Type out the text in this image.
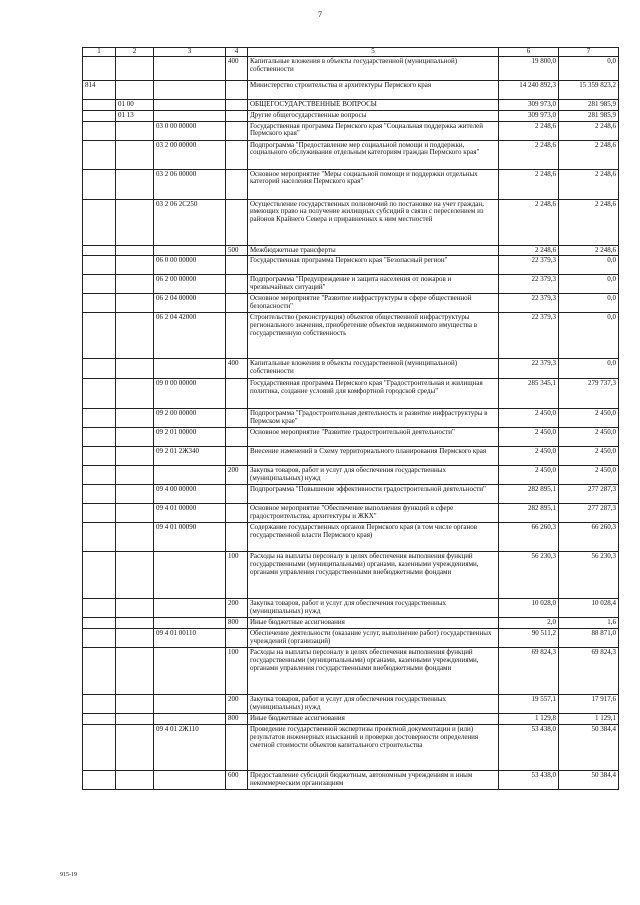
7
1	2	3	4	5	6	7
			400	Капитальные вложения в объекты государственной (муниципальной) собственности	19 800,0	0,0
814				Министерство строительства и архитектуры Пермского края	14 240 892,3	15 359 823,2
	01 00			ОБЩЕГОСУДАРСТВЕННЫЕ ВОПРОСЫ	309 973,0	281 985,9
	01 13			Другие общегосударственные вопросы	309 973,0	281 985,9
		03 0 00 00000		Государственная программа Пермского края "Социальная поддержка жителей Пермского края"	2 248,6	2 248,6
		03 2 00 00000		Подпрограмма "Предоставление мер социальной помощи и поддержки, социального обслуживания отдельным категориям граждан Пермского края"	2 248,6	2 248,6
		03 2 06 00000		Основное мероприятие "Меры социальной помощи и поддержки отдельных категорий населения Пермского края"	2 248,6	2 248,6
		03 2 06 2С250		Осуществление государственных полномочий по постановке на учет граждан, имеющих право на получение жилищных субсидий в связи с переселением из районов Крайнего Севера и приравненных к ним местностей	2 248,6	2 248,6
			500	Межбюджетные трансферты	2 248,6	2 248,6
		06 0 00 00000		Государственная программа Пермского края "Безопасный регион"	22 379,3	0,0
		06 2 00 00000		Подпрограмма "Предупреждение и защита населения от пожаров и чрезвычайных ситуаций"	22 379,3	0,0
		06 2 04 00000		Основное мероприятие "Развитие инфраструктуры в сфере общественной безопасности"	22 379,3	0,0
		06 2 04 42000		Строительство (реконструкция) объектов общественной инфраструктуры регионального значения, приобретение объектов недвижимого имущества в государственную собственность	22 379,3	0,0
			400	Капитальные вложения в объекты государственной (муниципальной) собственности	22 379,3	0,0
		09 0 00 00000		Государственная программа Пермского края "Градостроительная и жилищная политика, создание условий для комфортной городской среды"	285 345,1	279 737,3
		09 2 00 00000		Подпрограмма "Градостроительная деятельность и развитие инфраструктуры в Пермском крае"	2 450,0	2 450,0
		09 2 01 00000		Основное мероприятие "Развитие градостроительной деятельности"	2 450,0	2 450,0
		09 2 01 2Ж340		Внесение изменений в Схему территориального планирования Пермского края	2 450,0	2 450,0
			200	Закупка товаров, работ и услуг для обеспечения государственных (муниципальных) нужд	2 450,0	2 450,0
		09 4 00 00000		Подпрограмма "Повышение эффективности градостроительной деятельности"	282 895,1	277 287,3
		09 4 01 00000		Основное мероприятие "Обеспечение выполнения функций в сфере градостроительства, архитектуры и ЖКХ"	282 895,1	277 287,3
		09 4 01 00090		Содержание государственных органов Пермского края (в том числе органов государственной власти Пермского края)	66 260,3	66 260,3
			100	Расходы на выплаты персоналу в целях обеспечения выполнения функций государственными (муниципальными) органами, казенными учреждениями, органами управления государственными внебюджетными фондами	56 230,3	56 230,3
			200	Закупка товаров, работ и услуг для обеспечения государственных (муниципальных) нужд	10 028,0	10 028,4
			800	Иные бюджетные ассигнования	2,0	1,6
		09 4 01 00110		Обеспечение деятельности (оказание услуг, выполнение работ) государственных учреждений (организаций)	90 511,2	88 871,0
			100	Расходы на выплаты персоналу в целях обеспечения выполнения функций государственными (муниципальными) органами, казенными учреждениями, органами управления государственными внебюджетными фондами	69 824,3	69 824,3
			200	Закупка товаров, работ и услуг для обеспечения государственных (муниципальных) нужд	19 557,1	17 917,6
			800	Иные бюджетные ассигнования	1 129,8	1 129,1
		09 4 01 2Ж110		Проведение государственной экспертизы проектной документации и (или) результатов инженерных изысканий и проверки достоверности определения сметной стоимости объектов капитального строительства	53 438,0	50 384,4
			600	Предоставление субсидий бюджетным, автономным учреждениям и иным некоммерческим организациям	53 438,0	50 384,4
915-19
